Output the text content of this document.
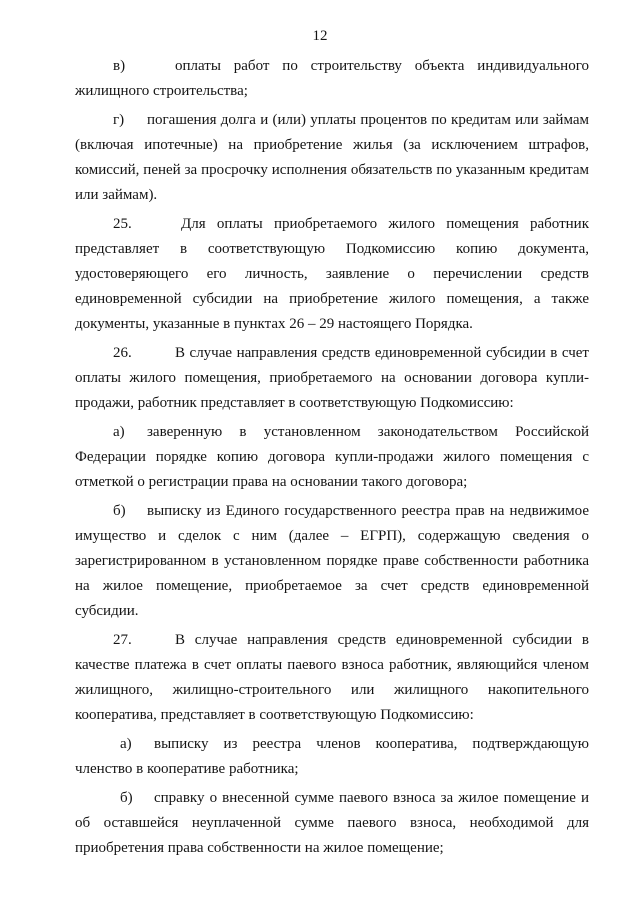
12

в)	оплаты работ по строительству объекта индивидуального жилищного строительства;

г) погашения долга и (или) уплаты процентов по кредитам или займам (включая ипотечные) на приобретение жилья (за исключением штрафов, комиссий, пеней за просрочку исполнения обязательств по указанным кредитам или займам).

25.	Для оплаты приобретаемого жилого помещения работник представляет в соответствующую Подкомиссию копию документа, удостоверяющего его личность, заявление о перечислении средств единовременной субсидии на приобретение жилого помещения, а также документы, указанные в пунктах 26 – 29 настоящего Порядка.

26.	В случае направления средств единовременной субсидии в счет оплаты жилого помещения, приобретаемого на основании договора купли-продажи, работник представляет в соответствующую Подкомиссию:

а) заверенную в установленном законодательством Российской Федерации порядке копию договора купли-продажи жилого помещения с отметкой о регистрации права на основании такого договора;

б) выписку из Единого государственного реестра прав на недвижимое имущество и сделок с ним (далее – ЕГРП), содержащую сведения о зарегистрированном в установленном порядке праве собственности работника на жилое помещение, приобретаемое за счет средств единовременной субсидии.

27.	В случае направления средств единовременной субсидии в качестве платежа в счет оплаты паевого взноса работник, являющийся членом жилищного, жилищно-строительного или жилищного накопительного кооператива, представляет в соответствующую Подкомиссию:

а) выписку из реестра членов кооператива, подтверждающую членство в кооперативе работника;

б) справку о внесенной сумме паевого взноса за жилое помещение и об оставшейся неуплаченной сумме паевого взноса, необходимой для приобретения права собственности на жилое помещение;
